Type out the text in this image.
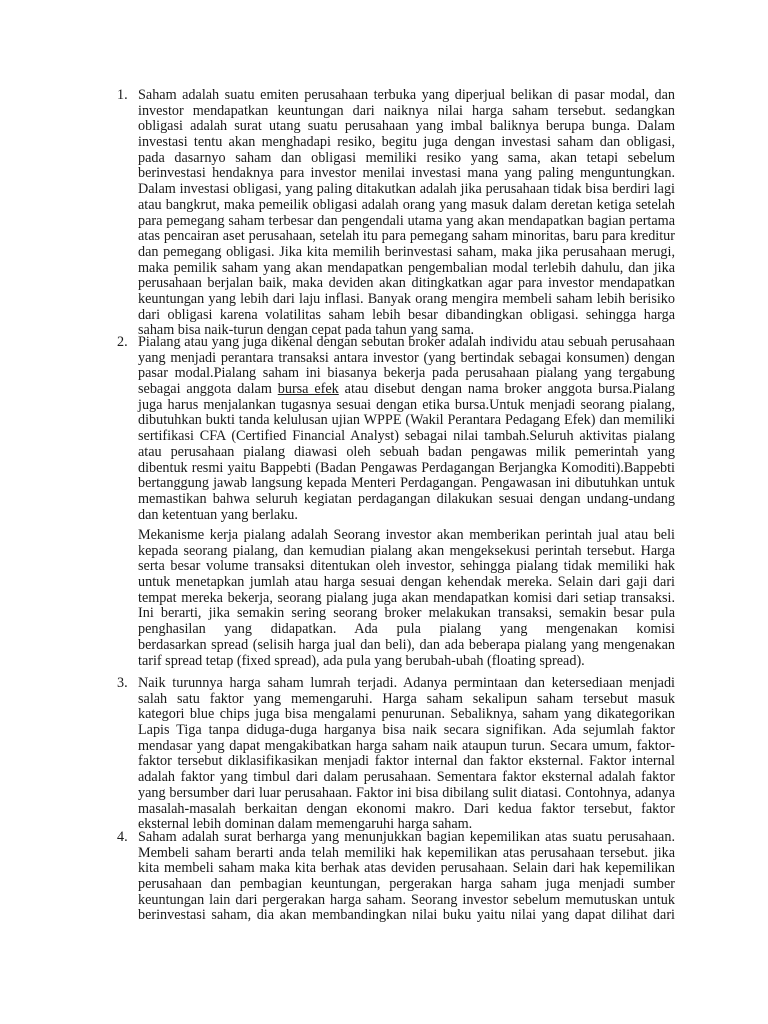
1. Saham adalah suatu emiten perusahaan terbuka yang diperjual belikan di pasar modal, dan
investor mendapatkan keuntungan dari naiknya nilai harga saham tersebut. sedangkan
obligasi adalah surat utang suatu perusahaan yang imbal baliknya berupa bunga. Dalam
investasi tentu akan menghadapi resiko, begitu juga dengan investasi saham dan obligasi,
pada dasarnyo saham dan obligasi memiliki resiko yang sama, akan tetapi sebelum
berinvestasi hendaknya para investor menilai investasi mana yang paling menguntungkan.
Dalam investasi obligasi, yang paling ditakutkan adalah jika perusahaan tidak bisa berdiri lagi
atau bangkrut, maka pemeilik obligasi adalah orang yang masuk dalam deretan ketiga setelah
para pemegang saham terbesar dan pengendali utama yang akan mendapatkan bagian pertama
atas pencairan aset perusahaan, setelah itu para pemegang saham minoritas, baru para kreditur
dan pemegang obligasi. Jika kita memilih berinvestasi saham, maka jika perusahaan merugi,
maka pemilik saham yang akan mendapatkan pengembalian modal terlebih dahulu, dan jika
perusahaan berjalan baik, maka deviden akan ditingkatkan agar para investor mendapatkan
keuntungan yang lebih dari laju inflasi. Banyak orang mengira membeli saham lebih berisiko
dari obligasi karena volatilitas saham lebih besar dibandingkan obligasi. sehingga harga
saham bisa naik-turun dengan cepat pada tahun yang sama.
2. Pialang atau yang juga dikenal dengan sebutan broker adalah individu atau sebuah perusahaan
yang menjadi perantara transaksi antara investor (yang bertindak sebagai konsumen) dengan
pasar modal.Pialang saham ini biasanya bekerja pada perusahaan pialang yang tergabung
sebagai anggota dalam bursa efek atau disebut dengan nama broker anggota bursa.Pialang
juga harus menjalankan tugasnya sesuai dengan etika bursa.Untuk menjadi seorang pialang,
dibutuhkan bukti tanda kelulusan ujian WPPE (Wakil Perantara Pedagang Efek) dan memiliki
sertifikasi CFA (Certified Financial Analyst) sebagai nilai tambah.Seluruh aktivitas pialang
atau perusahaan pialang diawasi oleh sebuah badan pengawas milik pemerintah yang
dibentuk resmi yaitu Bappebti (Badan Pengawas Perdagangan Berjangka Komoditi).Bappebti
bertanggung jawab langsung kepada Menteri Perdagangan. Pengawasan ini dibutuhkan untuk
memastikan bahwa seluruh kegiatan perdagangan dilakukan sesuai dengan undang-undang
dan ketentuan yang berlaku.
Mekanisme kerja pialang adalah Seorang investor akan memberikan perintah jual atau beli
kepada seorang pialang, dan kemudian pialang akan mengeksekusi perintah tersebut. Harga
serta besar volume transaksi ditentukan oleh investor, sehingga pialang tidak memiliki hak
untuk menetapkan jumlah atau harga sesuai dengan kehendak mereka. Selain dari gaji dari
tempat mereka bekerja, seorang pialang juga akan mendapatkan komisi dari setiap transaksi.
Ini berarti, jika semakin sering seorang broker melakukan transaksi, semakin besar pula
penghasilan yang didapatkan. Ada pula pialang yang mengenakan komisi
berdasarkan spread (selisih harga jual dan beli), dan ada beberapa pialang yang mengenakan
tarif spread tetap (fixed spread), ada pula yang berubah-ubah (floating spread).
3. Naik turunnya harga saham lumrah terjadi. Adanya permintaan dan ketersediaan menjadi
salah satu faktor yang memengaruhi. Harga saham sekalipun saham tersebut masuk
kategori blue chips juga bisa mengalami penurunan. Sebaliknya, saham yang dikategorikan
Lapis Tiga tanpa diduga-duga harganya bisa naik secara signifikan. Ada sejumlah faktor
mendasar yang dapat mengakibatkan harga saham naik ataupun turun. Secara umum, faktor-
faktor tersebut diklasifikasikan menjadi faktor internal dan faktor eksternal. Faktor internal
adalah faktor yang timbul dari dalam perusahaan. Sementara faktor eksternal adalah faktor
yang bersumber dari luar perusahaan. Faktor ini bisa dibilang sulit diatasi. Contohnya, adanya
masalah-masalah berkaitan dengan ekonomi makro. Dari kedua faktor tersebut, faktor
eksternal lebih dominan dalam memengaruhi harga saham.
4. Saham adalah surat berharga yang menunjukkan bagian kepemilikan atas suatu perusahaan.
Membeli saham berarti anda telah memiliki hak kepemilikan atas perusahaan tersebut. jika
kita membeli saham maka kita berhak atas deviden perusahaan. Selain dari hak kepemilikan
perusahaan dan pembagian keuntungan, pergerakan harga saham juga menjadi sumber
keuntungan lain dari pergerakan harga saham. Seorang investor sebelum memutuskan untuk
berinvestasi saham, dia akan membandingkan nilai buku yaitu nilai yang dapat dilihat dari
